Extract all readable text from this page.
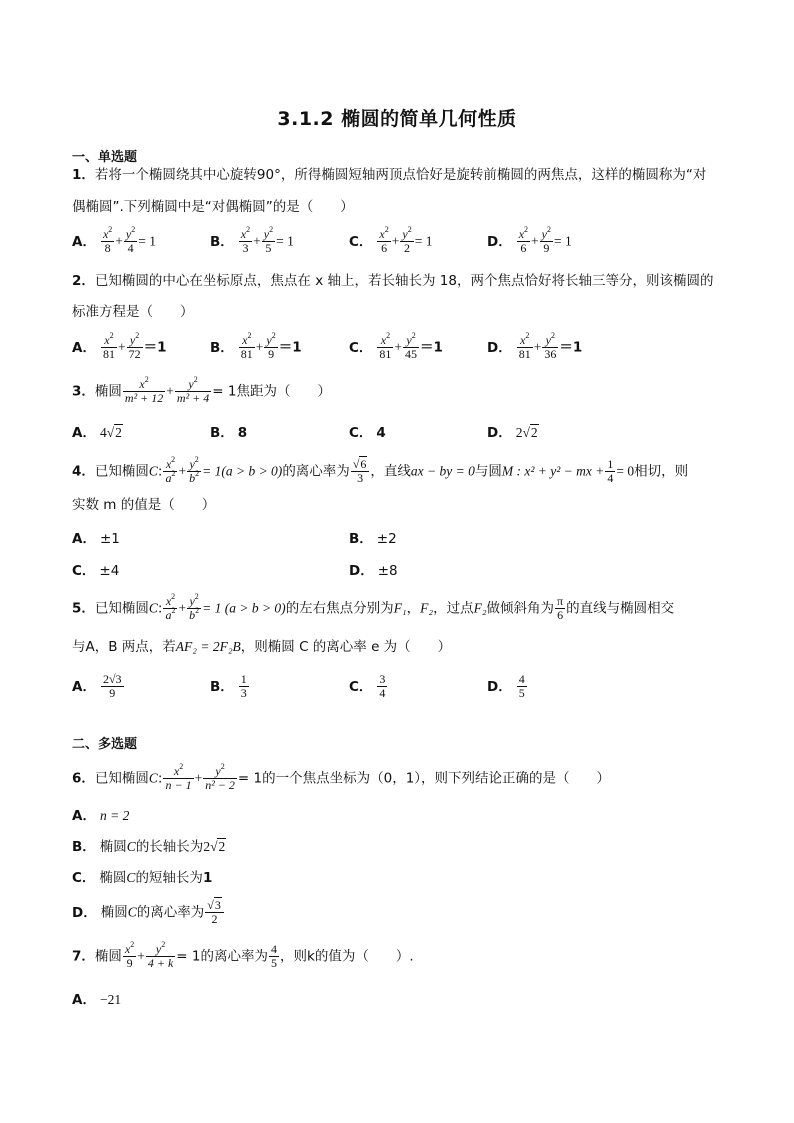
3.1.2 椭圆的简单几何性质
一、单选题
1．若将一个椭圆绕其中心旋转90°，所得椭圆短轴两顶点恰好是旋转前椭圆的两焦点，这样的椭圆称为“对
偶椭圆”.下列椭圆中是“对偶椭圆”的是（　　）
A． $\frac{x^2}{8} + \frac{y^2}{4} = 1$	B． $\frac{x^2}{3} + \frac{y^2}{5} = 1$	C． $\frac{x^2}{6} + \frac{y^2}{2} = 1$	D． $\frac{x^2}{6} + \frac{y^2}{9} = 1$
2．已知椭圆的中心在坐标原点，焦点在 x 轴上，若长轴长为 18，两个焦点恰好将长轴三等分，则该椭圆的
标准方程是（　　）
A． $\frac{x^2}{81} + \frac{y^2}{72} =1$	B． $\frac{x^2}{81} + \frac{y^2}{9} =1$	C． $\frac{x^2}{81} + \frac{y^2}{45} =1$	D． $\frac{x^2}{81} + \frac{y^2}{36} =1$
3．椭圆 $\frac{x^2}{\text{m² + 12}} + \frac{y^2}{\text{m² + 4}} = 1$焦距为（　　）
A． 4√2	B． 8	C． 4	D． 2√2
4．已知椭圆C: $\frac{x^2}{a^2} + \frac{y^2}{b^2} = 1(a > b > 0)$的离心率为 $\frac{√6}{3}$ ，直线ax − by = 0与圆M : x² + y² − mx + $\frac{1}{4} = 0$相切，则
实数 m 的值是（　　）
A． ±1	B． ±2
C． ±4	D． ±8
5．已知椭圆C: $\frac{x^2}{a^2} + \frac{y^2}{b^2} = 1$ (a > b > 0)的左右焦点分别为F₁，F₂，过点F₂做倾斜角为 $\frac{\pi}{6}$ 的直线与椭圆相交
与A，B 两点，若AF₂ = 2F₂B，则椭圆 C 的离心率 e 为（　　）
A． $\frac{2√3}{9}$	B． $\frac{1}{3}$	C． $\frac{3}{4}$	D． $\frac{4}{5}$
二、多选题
6．已知椭圆C: $\frac{x^2}{n - 1} + \frac{y^2}{\text{n² − 2}} = 1$的一个焦点坐标为（0，1），则下列结论正确的是（　　）
A． n = 2
B． 椭圆C的长轴长为2√2
C． 椭圆C的短轴长为1
D． 椭圆C的离心率为 $\frac{√3}{2}$
7．椭圆 $\frac{x^2}{9} + \frac{y^2}{4 + k} = 1$的离心率为 $\frac{4}{5}$ ，则k的值为（　　）.
A． −21
